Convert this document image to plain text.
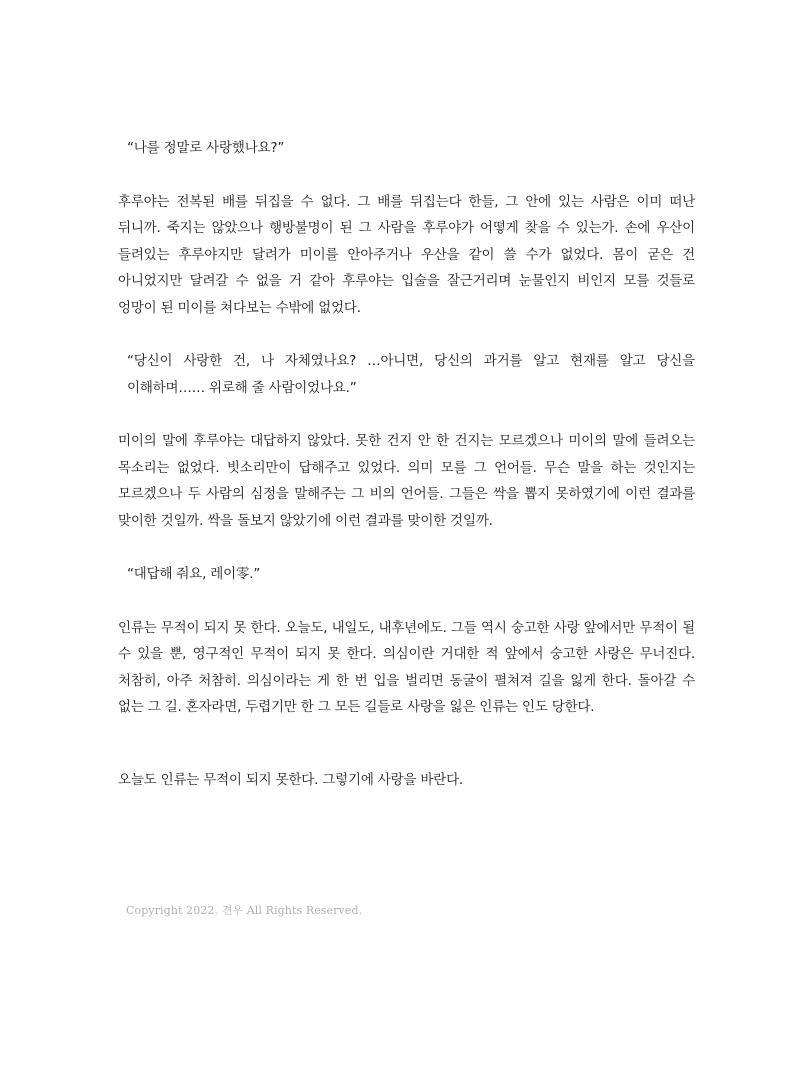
“나를 정말로 사랑했나요?”

후루야는 전복된 배를 뒤집을 수 없다. 그 배를 뒤집는다 한들, 그 안에 있는 사람은 이미 떠난 뒤니까. 죽지는 않았으나 행방불명이 된 그 사람을 후루야가 어떻게 찾을 수 있는가. 손에 우산이 들려있는 후루야지만 달려가 미이를 안아주거나 우산을 같이 쓸 수가 없었다. 몸이 굳은 건 아니었지만 달려갈 수 없을 거 같아 후루야는 입술을 잘근거리며 눈물인지 비인지 모를 것들로 엉망이 된 미이를 쳐다보는 수밖에 없었다.

“당신이 사랑한 건, 나 자체였나요? …아니면, 당신의 과거를 알고 현재를 알고 당신을 이해하며…… 위로해 줄 사람이었나요.”

미이의 말에 후루야는 대답하지 않았다. 못한 건지 안 한 건지는 모르겠으나 미이의 말에 들려오는 목소리는 없었다. 빗소리만이 답해주고 있었다. 의미 모를 그 언어들. 무슨 말을 하는 것인지는 모르겠으나 두 사람의 심정을 말해주는 그 비의 언어들. 그들은 싹을 뽑지 못하였기에 이런 결과를 맞이한 것일까. 싹을 돌보지 않았기에 이런 결과를 맞이한 것일까.

“대답해 줘요, 레이零.”

인류는 무적이 되지 못 한다. 오늘도, 내일도, 내후년에도. 그들 역시 숭고한 사랑 앞에서만 무적이 될 수 있을 뿐, 영구적인 무적이 되지 못 한다. 의심이란 거대한 적 앞에서 숭고한 사랑은 무너진다. 처참히, 아주 처참히. 의심이라는 게 한 번 입을 벌리면 동굴이 펼쳐져 길을 잃게 한다. 돌아갈 수 없는 그 길. 혼자라면, 두렵기만 한 그 모든 길들로 사랑을 잃은 인류는 인도 당한다.

오늘도 인류는 무적이 되지 못한다. 그렇기에 사랑을 바란다.

Copyright 2022. 견우 All Rights Reserved.
